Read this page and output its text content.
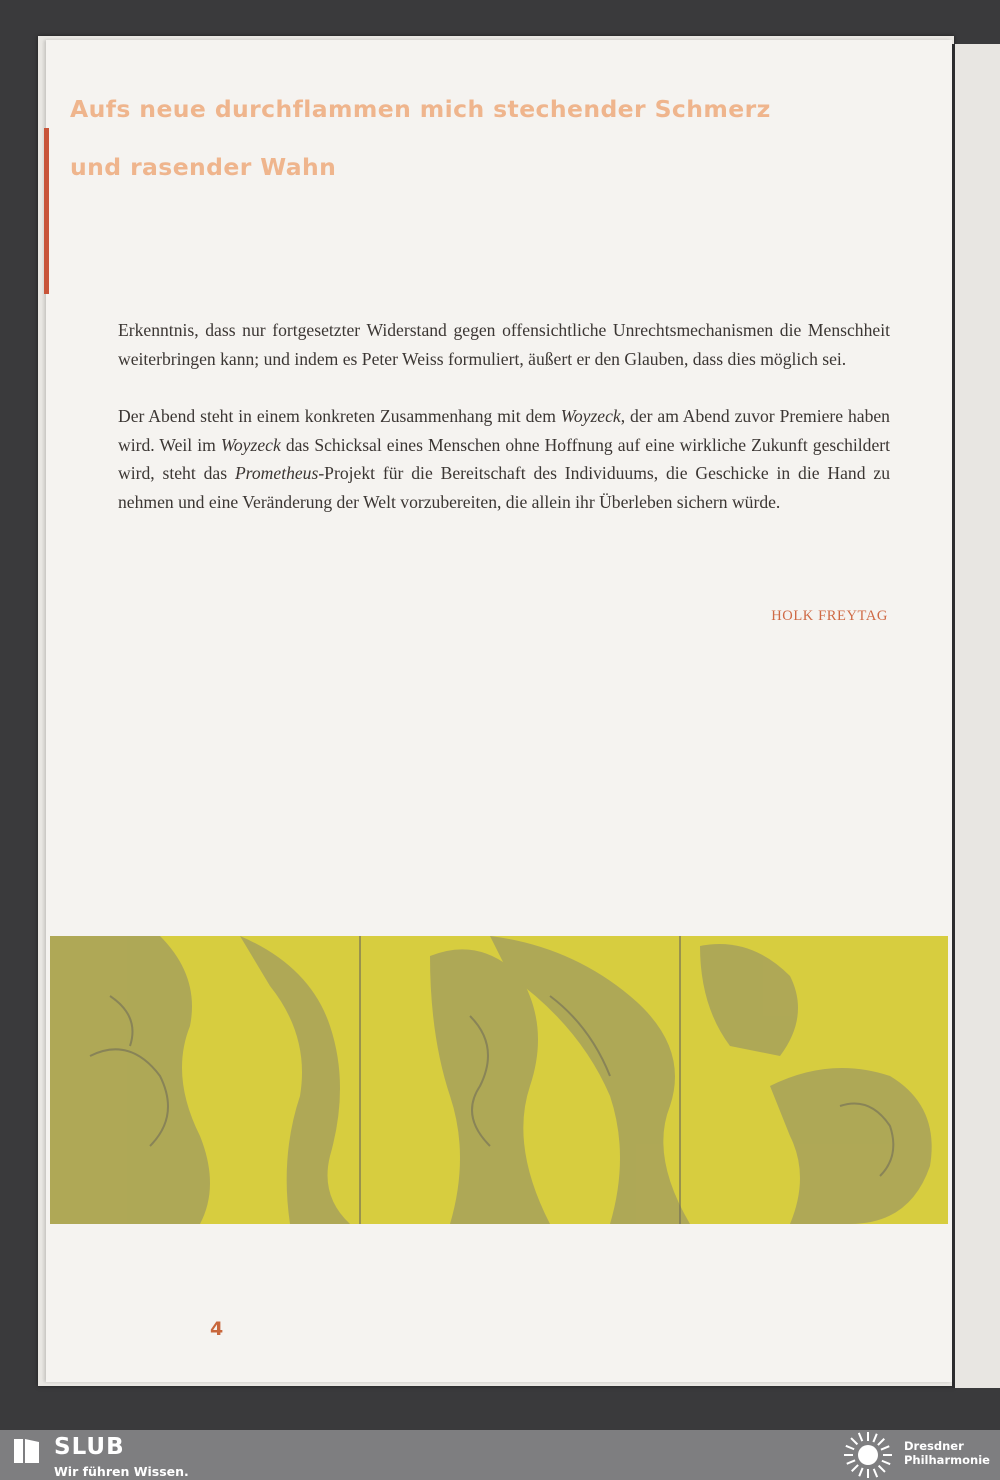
Aufs neue durchflammen mich stechender Schmerz
und rasender Wahn

Erkenntnis, dass nur fortgesetzter Widerstand gegen offensichtliche Unrechtsmechanismen die Menschheit weiterbringen kann; und indem es Peter Weiss formuliert, äußert er den Glauben, dass dies möglich sei.

Der Abend steht in einem konkreten Zusammenhang mit dem Woyzeck, der am Abend zuvor Premiere haben wird. Weil im Woyzeck das Schicksal eines Menschen ohne Hoffnung auf eine wirkliche Zukunft geschildert wird, steht das Prometheus-Projekt für die Bereitschaft des Individuums, die Geschicke in die Hand zu nehmen und eine Veränderung der Welt vorzubereiten, die allein ihr Überleben sichern würde.

HOLK FREYTAG
4
SLUB
Wir führen Wissen.
Dresdner
Philharmonie
